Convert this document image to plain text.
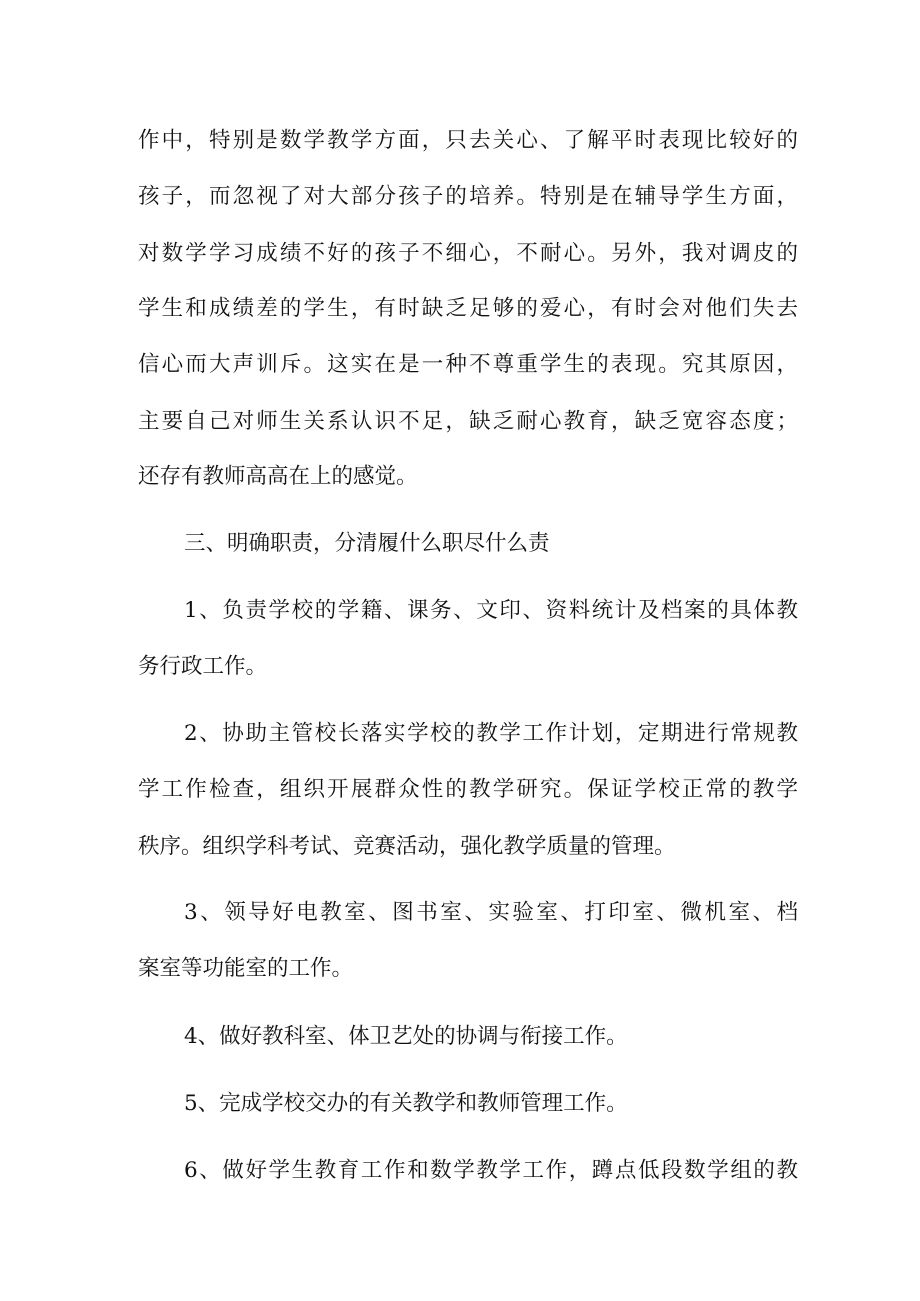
作中，特别是数学教学方面，只去关心、了解平时表现比较好的
孩子，而忽视了对大部分孩子的培养。特别是在辅导学生方面，
对数学学习成绩不好的孩子不细心，不耐心。另外，我对调皮的
学生和成绩差的学生，有时缺乏足够的爱心，有时会对他们失去
信心而大声训斥。这实在是一种不尊重学生的表现。究其原因，
主要自己对师生关系认识不足，缺乏耐心教育，缺乏宽容态度；
还存有教师高高在上的感觉。
三、明确职责，分清履什么职尽什么责
1、负责学校的学籍、课务、文印、资料统计及档案的具体教
务行政工作。
2、协助主管校长落实学校的教学工作计划，定期进行常规教
学工作检查，组织开展群众性的教学研究。保证学校正常的教学
秩序。组织学科考试、竞赛活动，强化教学质量的管理。
3、领导好电教室、图书室、实验室、打印室、微机室、档
案室等功能室的工作。
4、做好教科室、体卫艺处的协调与衔接工作。
5、完成学校交办的有关教学和教师管理工作。
6、做好学生教育工作和数学教学工作，蹲点低段数学组的教
